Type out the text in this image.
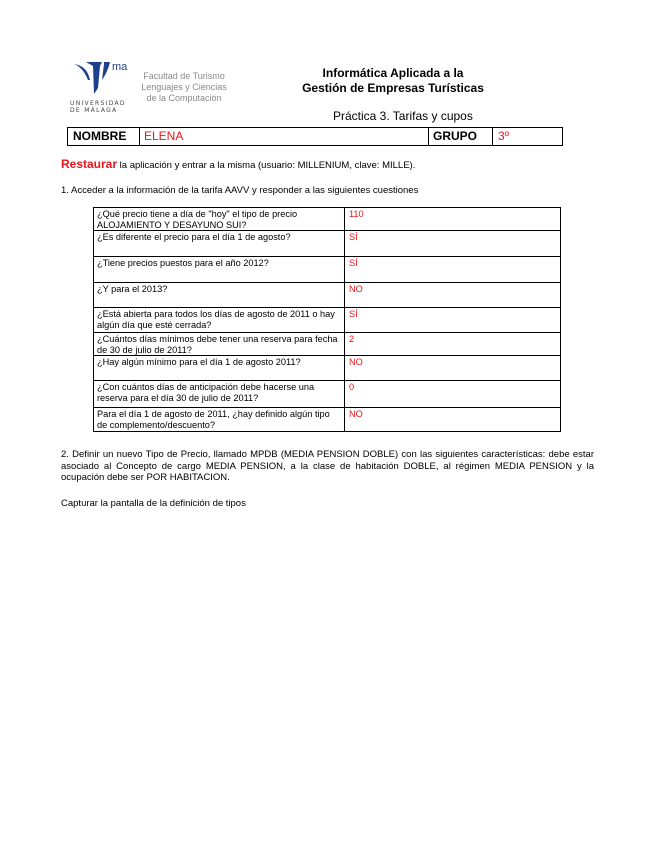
ma
UNIVERSIDAD
DE MÁLAGA
Facultad de Turismo
Lenguajes y Ciencias
de la Computación
Informática Aplicada a la
Gestión de Empresas Turísticas
Práctica 3. Tarifas y cupos
NOMBRE	ELENA	GRUPO	3º
Restaurar la aplicación y entrar a la misma (usuario: MILLENIUM, clave: MILLE).
1. Acceder a la información de la tarifa AAVV y responder a las siguientes cuestiones
¿Qué precio tiene a día de "hoy" el tipo de precio ALOJAMIENTO Y DESAYUNO SUI?	110
¿Es diferente el precio para el día 1 de agosto?	SÍ
¿Tiene precios puestos para el año 2012?	SÍ
¿Y para el 2013?	NO
¿Está abierta para todos los días de agosto de 2011 o hay algún día que esté cerrada?	SÍ
¿Cuántos días mínimos debe tener una reserva para fecha de 30 de julio de 2011?	2
¿Hay algún mínimo para el día 1 de agosto 2011?	NO
¿Con cuántos días de anticipación debe hacerse una reserva para el día 30 de julio de 2011?	0
Para el día 1 de agosto de 2011, ¿hay definido algún tipo de complemento/descuento?	NO
2. Definir un nuevo Tipo de Precio, llamado MPDB (MEDIA PENSION DOBLE) con las siguientes características: debe estar asociado al Concepto de cargo MEDIA PENSION, a la clase de habitación DOBLE, al régimen MEDIA PENSION y la ocupación debe ser POR HABITACION.
Capturar la pantalla de la definición de tipos
